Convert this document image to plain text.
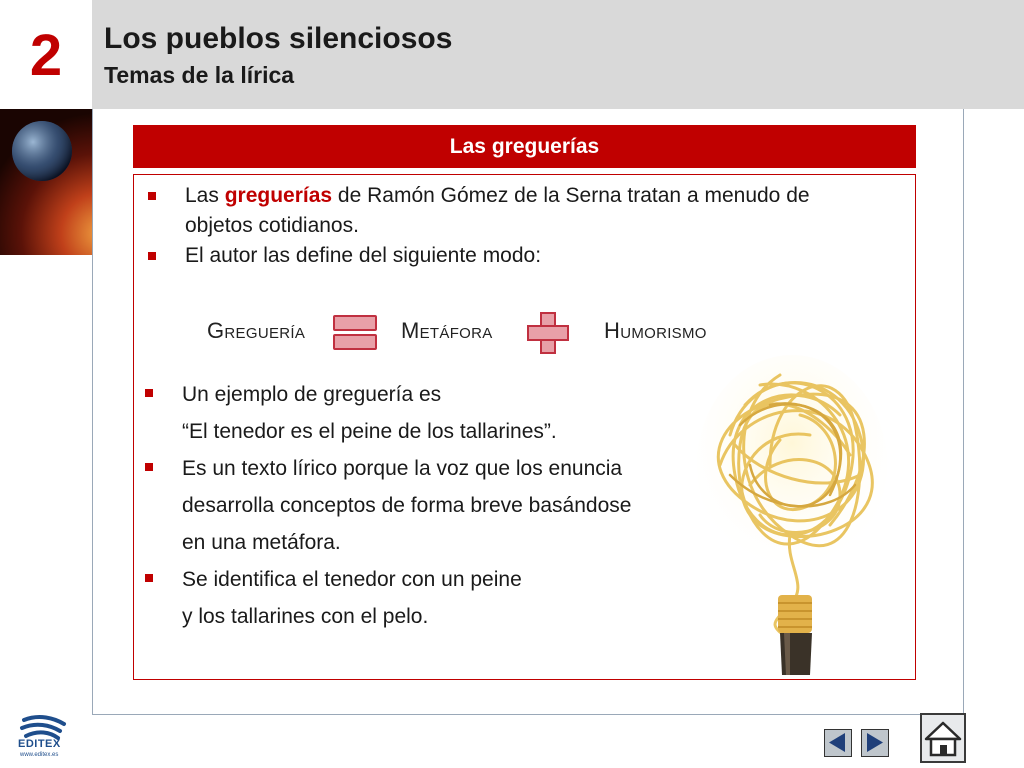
2	Los pueblos silenciosos
Temas de la lírica
Las greguerías
Las greguerías de Ramón Gómez de la Serna tratan a menudo de
objetos cotidianos.
El autor las define del siguiente modo:
Greguería	Metáfora	Humorismo
Un ejemplo de greguería es
“El tenedor es el peine de los tallarines”.
Es un texto lírico porque la voz que los enuncia
desarrolla conceptos de forma breve basándose
en una metáfora.
Se identifica el tenedor con un peine
y los tallarines con el pelo.
EDITEX
www.editex.es
